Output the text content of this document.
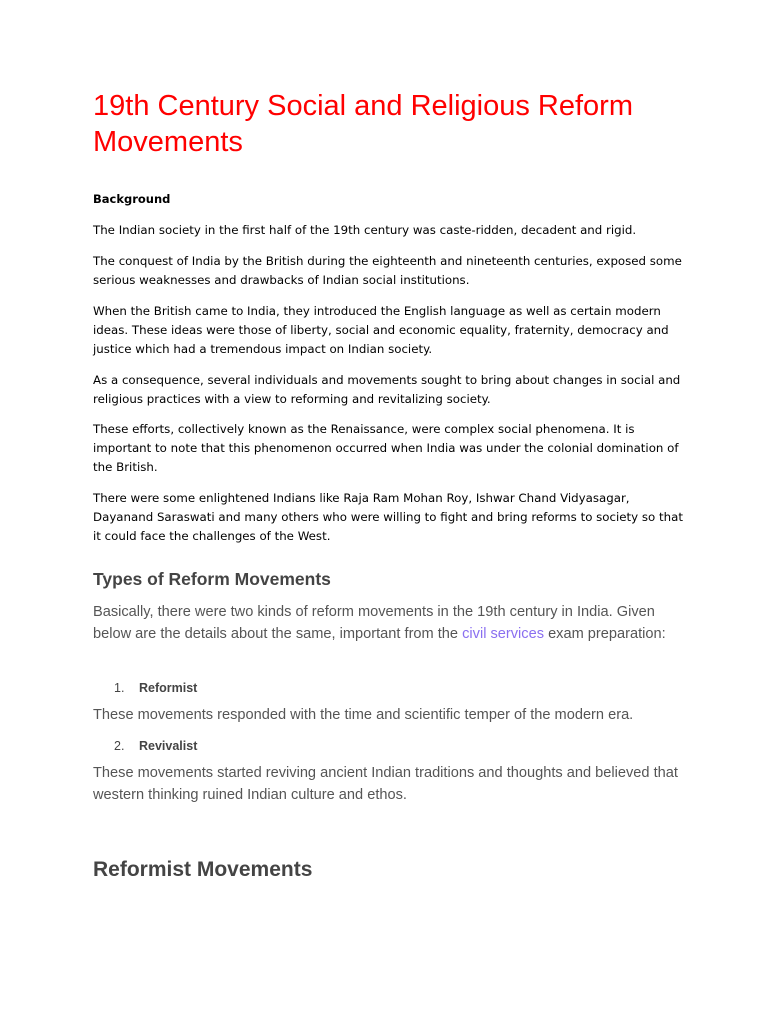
19th Century Social and Religious Reform Movements

Background

The Indian society in the first half of the 19th century was caste-ridden, decadent and rigid.

The conquest of India by the British during the eighteenth and nineteenth centuries, exposed some serious weaknesses and drawbacks of Indian social institutions.

When the British came to India, they introduced the English language as well as certain modern ideas. These ideas were those of liberty, social and economic equality, fraternity, democracy and justice which had a tremendous impact on Indian society.

As a consequence, several individuals and movements sought to bring about changes in social and religious practices with a view to reforming and revitalizing society.

These efforts, collectively known as the Renaissance, were complex social phenomena. It is important to note that this phenomenon occurred when India was under the colonial domination of the British.

There were some enlightened Indians like Raja Ram Mohan Roy, Ishwar Chand Vidyasagar, Dayanand Saraswati and many others who were willing to fight and bring reforms to society so that it could face the challenges of the West.

Types of Reform Movements

Basically, there were two kinds of reform movements in the 19th century in India. Given below are the details about the same, important from the civil services exam preparation:

1. Reformist

These movements responded with the time and scientific temper of the modern era.

2. Revivalist

These movements started reviving ancient Indian traditions and thoughts and believed that western thinking ruined Indian culture and ethos.

Reformist Movements
